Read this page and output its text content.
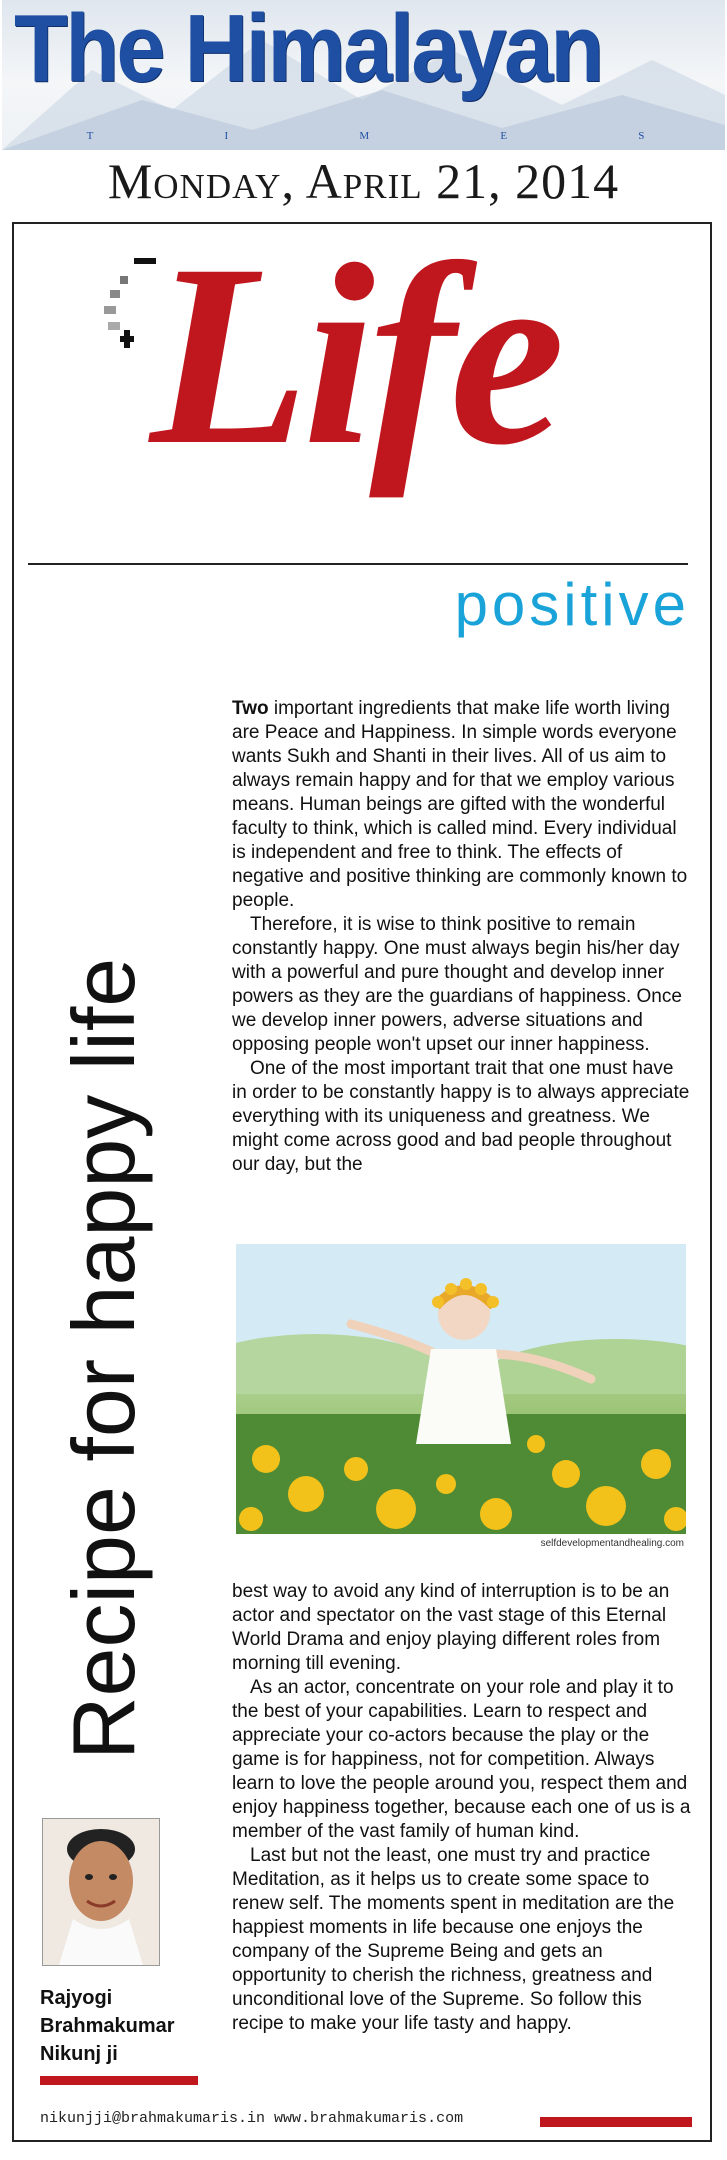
The Himalayan
T	I	M	E	S
Monday, April 21, 2014
Life
positive
Recipe for happy life

Two important ingredients that make life worth living are Peace and Happiness. In simple words everyone wants Sukh and Shanti in their lives. All of us aim to always remain happy and for that we employ various means. Human beings are gifted with the wonderful faculty to think, which is called mind. Every individual is independent and free to think. The effects of negative and positive thinking are commonly known to people.

Therefore, it is wise to think positive to remain constantly happy. One must always begin his/her day with a powerful and pure thought and develop inner powers as they are the guardians of happiness. Once we develop inner powers, adverse situations and opposing people won't upset our inner happiness.

One of the most important trait that one must have in order to be constantly happy is to always appreciate everything with its uniqueness and greatness. We might come across good and bad people throughout our day, but the

selfdevelopmentandhealing.com

best way to avoid any kind of interruption is to be an actor and spectator on the vast stage of this Eternal World Drama and enjoy playing different roles from morning till evening.

As an actor, concentrate on your role and play it to the best of your capabilities. Learn to respect and appreciate your co-actors because the play or the game is for happiness, not for competition. Always learn to love the people around you, respect them and enjoy happiness together, because each one of us is a member of the vast family of human kind.

Last but not the least, one must try and practice Meditation, as it helps us to create some space to renew self. The moments spent in meditation are the happiest moments in life because one enjoys the company of the Supreme Being and gets an opportunity to cherish the richness, greatness and unconditional love of the Supreme. So follow this recipe to make your life tasty and happy.

Rajyogi
Brahmakumar
Nikunj ji
nikunjji@brahmakumaris.in www.brahmakumaris.com
